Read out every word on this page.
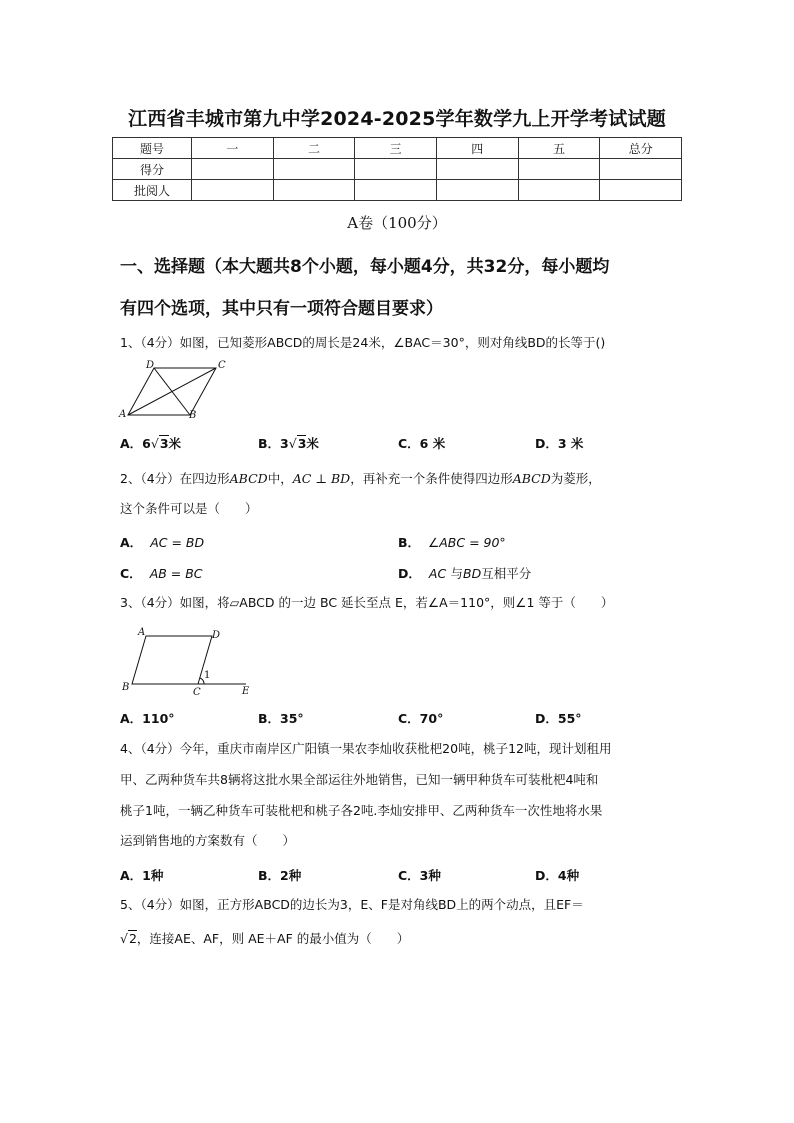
江西省丰城市第九中学2024-2025学年数学九上开学考试试题
题号	一	二	三	四	五	总分
得分						
批阅人						
A卷（100分）
一、选择题（本大题共8个小题，每小题4分，共32分，每小题均
有四个选项，其中只有一项符合题目要求）
1、（4分）如图，已知菱形ABCD的周长是24米，∠BAC＝30°，则对角线BD的长等于()
D	C
A	B
A．6√3米	B．3√3米	C．6 米	D．3 米
2、（4分）在四边形ABCD中，AC ⊥ BD，再补充一个条件使得四边形ABCD为菱形，
这个条件可以是（　　）
A． AC = BD	B． ∠ABC = 90°
C． AB = BC	D． AC 与BD互相平分
3、（4分）如图，将▱ABCD 的一边 BC 延长至点 E，若∠A＝110°，则∠1 等于（　　）
A	D
B	C	E
1
A．110°	B．35°	C．70°	D．55°
4、（4分）今年，重庆市南岸区广阳镇一果农李灿收获枇杷20吨，桃子12吨，现计划租用
甲、乙两种货车共8辆将这批水果全部运往外地销售，已知一辆甲种货车可装枇杷4吨和
桃子1吨，一辆乙种货车可装枇杷和桃子各2吨.李灿安排甲、乙两种货车一次性地将水果
运到销售地的方案数有（　　）
A．1种	B．2种	C．3种	D．4种
5、（4分）如图，正方形ABCD的边长为3，E、F是对角线BD上的两个动点，且EF＝
√2，连接AE、AF，则 AE＋AF 的最小值为（　　）
